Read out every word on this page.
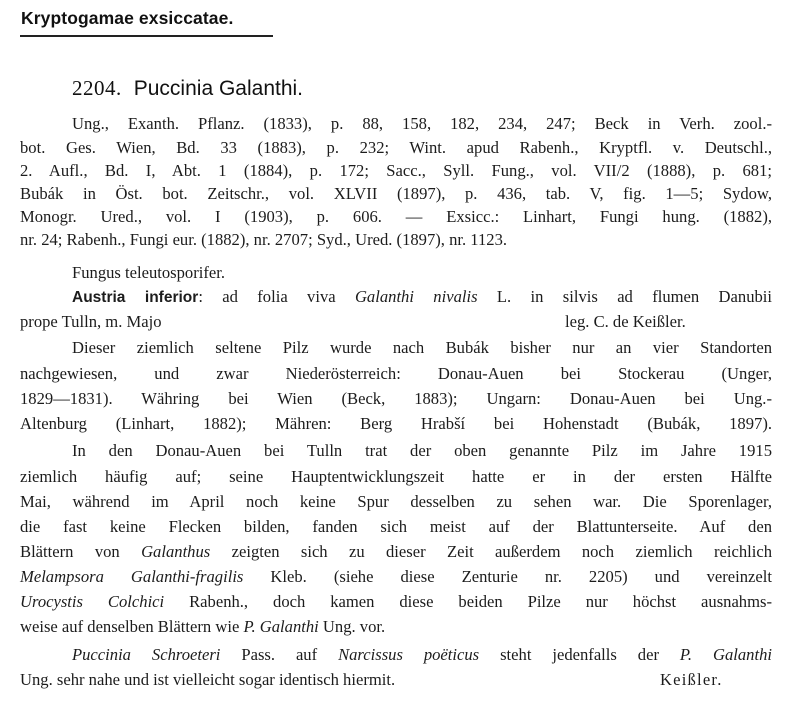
Kryptogamae exsiccatae.
2204. Puccinia Galanthi.
Ung., Exanth. Pflanz. (1833), p. 88, 158, 182, 234, 247; Beck in Verh. zool.-
bot. Ges. Wien, Bd. 33 (1883), p. 232; Wint. apud Rabenh., Kryptfl. v. Deutschl.,
2. Aufl., Bd. I, Abt. 1 (1884), p. 172; Sacc., Syll. Fung., vol. VII/2 (1888), p. 681;
Bubák in Öst. bot. Zeitschr., vol. XLVII (1897), p. 436, tab. V, fig. 1—5; Sydow,
Monogr. Ured., vol. I (1903), p. 606. — Exsicc.: Linhart, Fungi hung. (1882),
nr. 24; Rabenh., Fungi eur. (1882), nr. 2707; Syd., Ured. (1897), nr. 1123.
Fungus teleutosporifer.
Austria inferior: ad folia viva Galanthi nivalis L. in silvis ad flumen Danubii
prope Tulln, m. Majo	leg. C. de Keißler.
Dieser ziemlich seltene Pilz wurde nach Bubák bisher nur an vier Standorten
nachgewiesen, und zwar Niederösterreich: Donau-Auen bei Stockerau (Unger,
1829—1831). Währing bei Wien (Beck, 1883); Ungarn: Donau-Auen bei Ung.-
Altenburg (Linhart, 1882); Mähren: Berg Hrabší bei Hohenstadt (Bubák, 1897).
In den Donau-Auen bei Tulln trat der oben genannte Pilz im Jahre 1915
ziemlich häufig auf; seine Hauptentwicklungszeit hatte er in der ersten Hälfte
Mai, während im April noch keine Spur desselben zu sehen war. Die Sporenlager,
die fast keine Flecken bilden, fanden sich meist auf der Blattunterseite. Auf den
Blättern von Galanthus zeigten sich zu dieser Zeit außerdem noch ziemlich reichlich
Melampsora Galanthi-fragilis Kleb. (siehe diese Zenturie nr. 2205) und vereinzelt
Urocystis Colchici Rabenh., doch kamen diese beiden Pilze nur höchst ausnahms-
weise auf denselben Blättern wie P. Galanthi Ung. vor.
Puccinia Schroeteri Pass. auf Narcissus poëticus steht jedenfalls der P. Galanthi
Ung. sehr nahe und ist vielleicht sogar identisch hiermit.	Keißler.
